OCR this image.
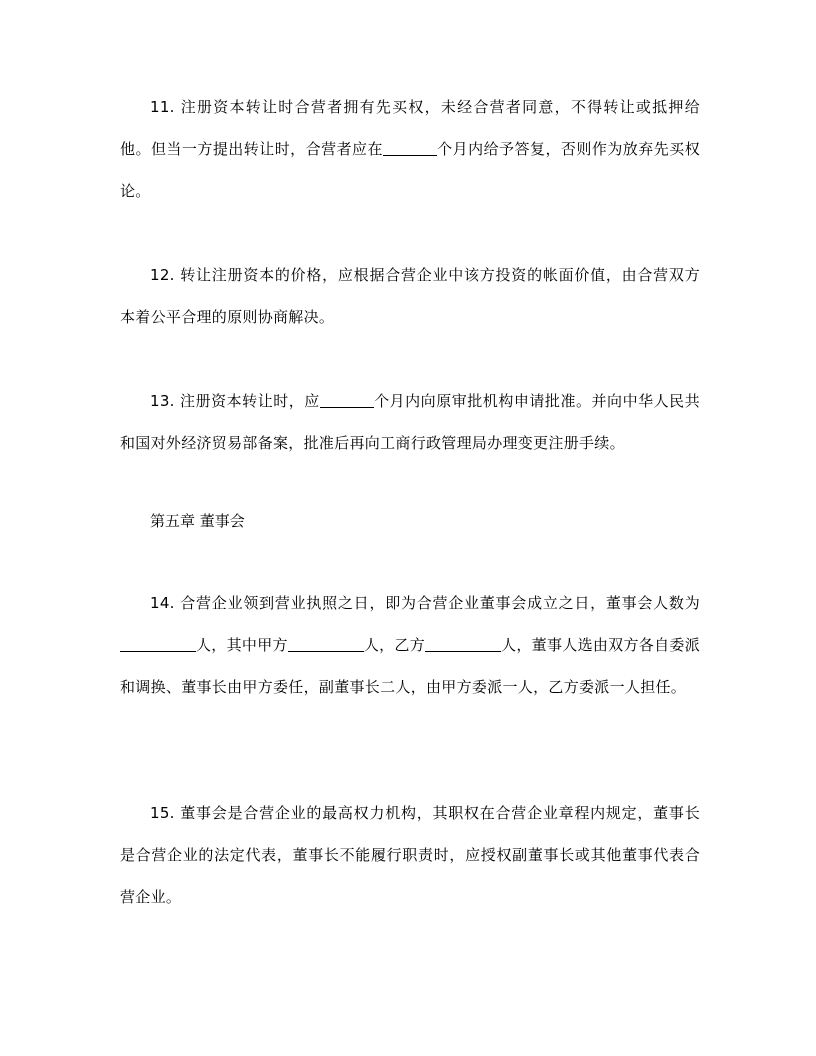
11. 注册资本转让时合营者拥有先买权，未经合营者同意，不得转让或抵押给他。但当一方提出转让时，合营者应在	个月内给予答复，否则作为放弃先买权论。

12. 转让注册资本的价格，应根据合营企业中该方投资的帐面价值，由合营双方本着公平合理的原则协商解决。

13. 注册资本转让时，应	个月内向原审批机构申请批准。并向中华人民共和国对外经济贸易部备案，批准后再向工商行政管理局办理变更注册手续。

第五章 董事会

14. 合营企业领到营业执照之日，即为合营企业董事会成立之日，董事会人数为人，其中甲方	人，乙方	人，董事人选由双方各自委派和调换、董事长由甲方委任，副董事长二人，由甲方委派一人，乙方委派一人担任。

15. 董事会是合营企业的最高权力机构，其职权在合营企业章程内规定，董事长是合营企业的法定代表，董事长不能履行职责时，应授权副董事长或其他董事代表合营企业。
